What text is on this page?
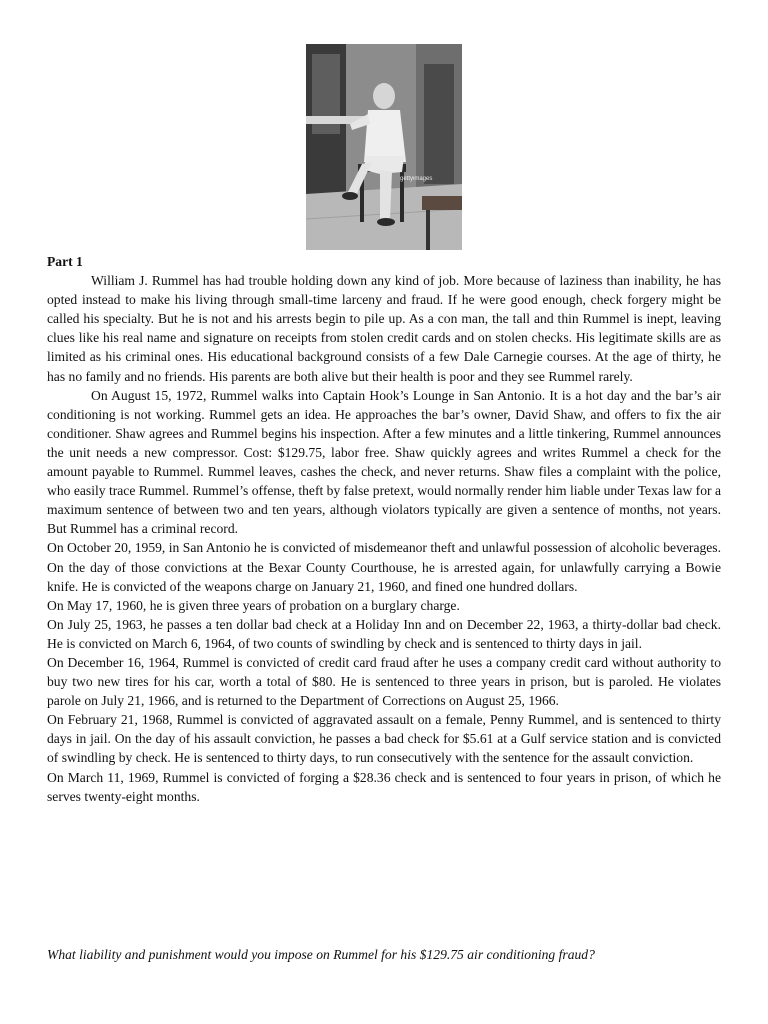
gettyimages

Part 1

William J. Rummel has had trouble holding down any kind of job. More because of laziness than inability, he has opted instead to make his living through small-time larceny and fraud. If he were good enough, check forgery might be called his specialty. But he is not and his arrests begin to pile up. As a con man, the tall and thin Rummel is inept, leaving clues like his real name and signature on receipts from stolen credit cards and on stolen checks. His legitimate skills are as limited as his criminal ones. His educational background consists of a few Dale Carnegie courses. At the age of thirty, he has no family and no friends. His parents are both alive but their health is poor and they see Rummel rarely.

On August 15, 1972, Rummel walks into Captain Hook’s Lounge in San Antonio. It is a hot day and the bar’s air conditioning is not working. Rummel gets an idea. He approaches the bar’s owner, David Shaw, and offers to fix the air conditioner. Shaw agrees and Rummel begins his inspection. After a few minutes and a little tinkering, Rummel announces the unit needs a new compressor. Cost: $129.75, labor free. Shaw quickly agrees and writes Rummel a check for the amount payable to Rummel. Rummel leaves, cashes the check, and never returns. Shaw files a complaint with the police, who easily trace Rummel. Rummel’s offense, theft by false pretext, would normally render him liable under Texas law for a maximum sentence of between two and ten years, although violators typically are given a sentence of months, not years. But Rummel has a criminal record.

On October 20, 1959, in San Antonio he is convicted of misdemeanor theft and unlawful possession of alcoholic beverages. On the day of those convictions at the Bexar County Courthouse, he is arrested again, for unlawfully carrying a Bowie knife. He is convicted of the weapons charge on January 21, 1960, and fined one hundred dollars.

On May 17, 1960, he is given three years of probation on a burglary charge.

On July 25, 1963, he passes a ten dollar bad check at a Holiday Inn and on December 22, 1963, a thirty-dollar bad check. He is convicted on March 6, 1964, of two counts of swindling by check and is sentenced to thirty days in jail.

On December 16, 1964, Rummel is convicted of credit card fraud after he uses a company credit card without authority to buy two new tires for his car, worth a total of $80. He is sentenced to three years in prison, but is paroled. He violates parole on July 21, 1966, and is returned to the Department of Corrections on August 25, 1966.

On February 21, 1968, Rummel is convicted of aggravated assault on a female, Penny Rummel, and is sentenced to thirty days in jail. On the day of his assault conviction, he passes a bad check for $5.61 at a Gulf service station and is convicted of swindling by check. He is sentenced to thirty days, to run consecutively with the sentence for the assault conviction.

On March 11, 1969, Rummel is convicted of forging a $28.36 check and is sentenced to four years in prison, of which he serves twenty-eight months.

What liability and punishment would you impose on Rummel for his $129.75 air conditioning fraud?
